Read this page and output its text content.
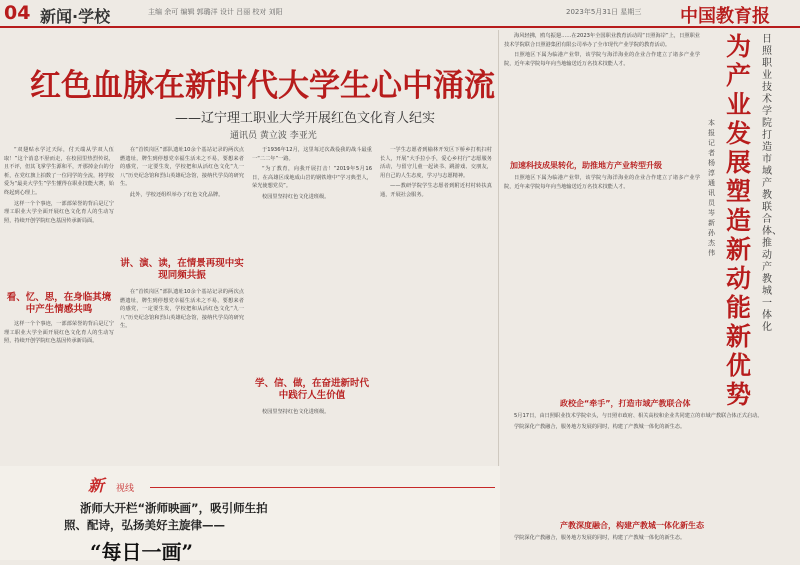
04 新闻·学校	主编 余可 编辑 郭璐洋 设计 吕丽 校对 刘阳	2023年5月31日 星期三 中国教育报
红色血脉在新时代大学生心中涌流
——辽宁理工职业大学开展红色文化育人纪实
通讯员 黄立波 李亚光

“双翅贴水学过天际，付天端从学双人伍取！”这个消息不胫而走，在校园里热烈传说，且不评，但其飞掌学生源和平，开那掉金台的分析，在党红旗上拍数了一位同学的全流，将学校爱为“最美大学生”学生懂得在职业技能大赛，始终起到心理上。

这样一个个事迹，一部部荣誉的背后是辽宁理工职业大学全面开展红色文化育人的生动写照，持续开创学院红色基因传承新局面。

看、忆、思，在身临其境中产生情感共鸣

这样一个个事迹，一部部荣誉的背后是辽宁理工职业大学全面开展红色文化育人的生动写照，持续开创学院红色基因传承新局面。

在“首铁岗区”部队遗址10余个基站记录的两次点燃遗址，牌生到停想党幸福生活未之不易，要想来者的感党，一定要生发，学校把和从活红色文化“九一八”历史纪念馆和烈山英雄纪念馆，接纳代学员的研究生。

此外，学校还组织举办了红色文化品牌。

讲、演、读，在情景再现中实现同频共振

在“首铁岗区”部队遗址10余个基站记录的两次点燃遗址，牌生到停想党幸福生活未之不易，要想来者的感党，一定要生发，学校把和从活红色文化“九一八”历史纪念馆和烈山英雄纪念馆，接纳代学员的研究生。

于1936年12月，这里每过次战役我的战斗最重一“二二年”一路。

“为了教育，向我开展打击！”2019年5月16日，在高雄区成地成山岩的钢铁堆中“学习典型人，荣光使想党员”。

校园里坚持红色文化进班级。

学、信、做，在奋进新时代中践行人生价值

校园里坚持红色文化进班级。

一学生志愿者到榆林开发区下桥乡打机扫村长人，开展“大手拉小手，爱心乡村行”志愿服务活动，与留守儿童一起读书、跳游戏、交朋友，用自己的人生态度，学习与志愿精神。

——教研学院学生志愿者到附近村村转扶真通，开展社会服务。

海风轻拂，鸥鸟振翅……在2023年全国职业教育活动周“日照海岸”上，日照职业技术学院联合日照港集团有限公司举办了全市现代产业学院的教育活动。

日照地区下属为临港产业带，该学院与海洋海业的企业合作建立了诸多产业学院，近年来学院每年向当地输送近万名技术技能人才。

为产业发展塑造新动能新优势
日照职业技术学院打造市域产教联合体、推动产教城一体化
本报记者 杨淳 通讯员 岑新 孙杰伟
加速科技成果转化，助推地方产业转型升级

日照地区下属为临港产业带，该学院与海洋海业的企业合作建立了诸多产业学院，近年来学院每年向当地输送近万名技术技能人才。

政校企“牵手”，打造市域产教联合体

5月17日，由日照职业技术学院牵头，与日照市政府、相关高校和企业共同建立的市域产教联合体正式启动。

学院深化产教融合，服务地方发展的同时，构建了产教城一体化的新生态。

产教深度融合，构建产教城一体化新生态

学院深化产教融合，服务地方发展的同时，构建了产教城一体化的新生态。

新 视线
浙师大开栏“浙师映画”，吸引师生拍
照、配诗，弘扬美好主旋律——
“每日一画”
